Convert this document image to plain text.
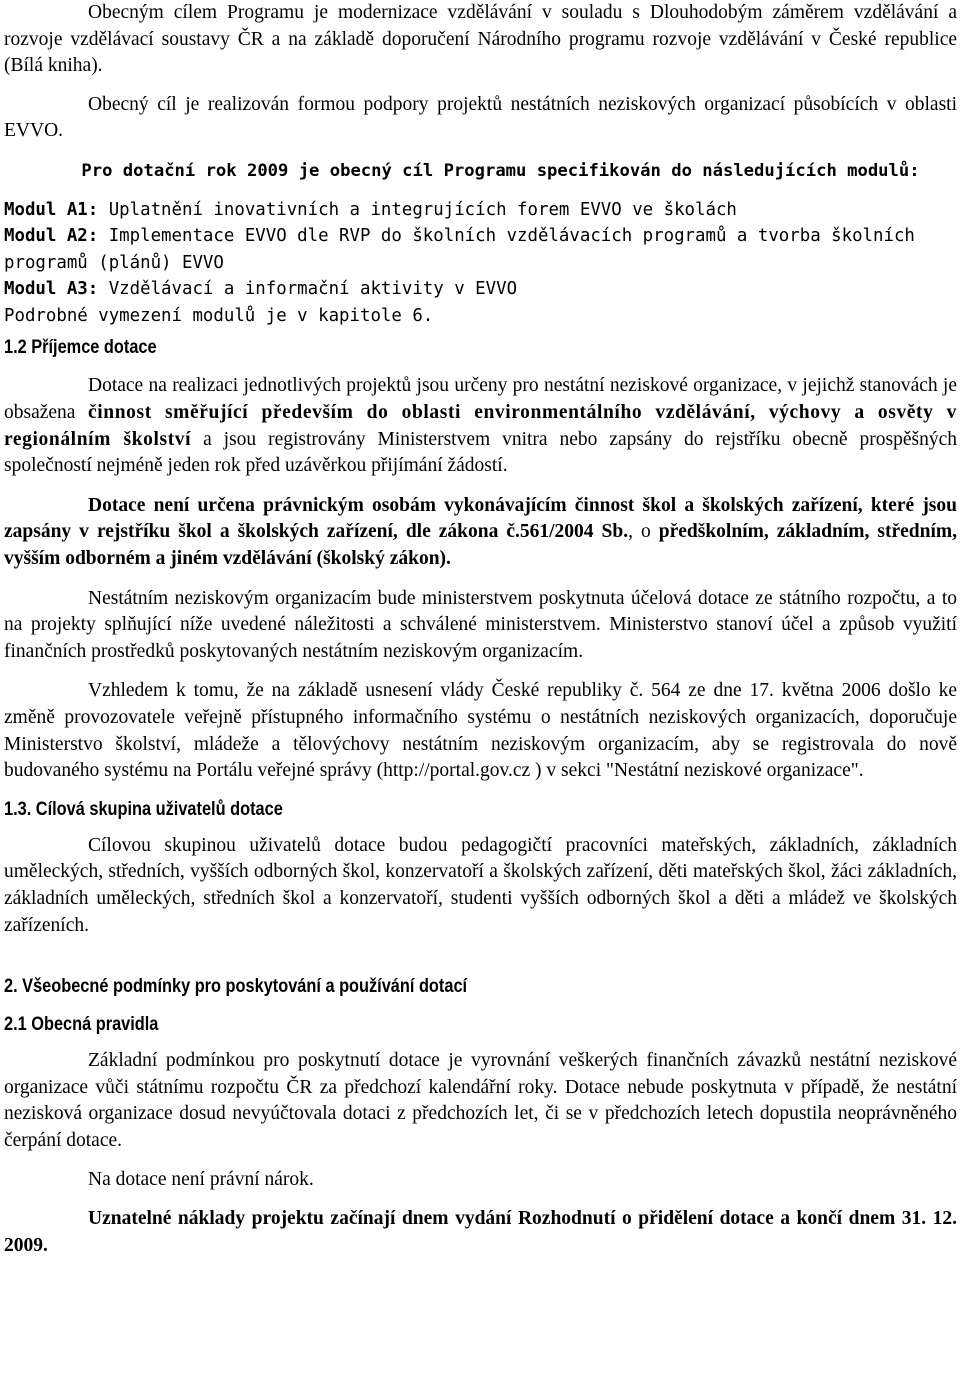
Obecným cílem Programu je modernizace vzdělávání v souladu s Dlouhodobým záměrem vzdělávání a rozvoje vzdělávací soustavy ČR a na základě doporučení Národního programu rozvoje vzdělávání v České republice (Bílá kniha).

Obecný cíl je realizován formou podpory projektů nestátních neziskových organizací působících v oblasti EVVO.

Pro dotační rok 2009 je obecný cíl Programu specifikován do následujících modulů:
Modul A1: Uplatnění inovativních a integrujících forem EVVO ve školách
Modul A2: Implementace EVVO dle RVP do školních vzdělávacích programů a tvorba školních programů (plánů) EVVO
Modul A3: Vzdělávací a informační aktivity v EVVO
Podrobné vymezení modulů je v kapitole 6.
1.2 Příjemce dotace

Dotace na realizaci jednotlivých projektů jsou určeny pro nestátní neziskové organizace, v jejichž stanovách je obsažena činnost směřující především do oblasti environmentálního vzdělávání, výchovy a osvěty v regionálním školství a jsou registrovány Ministerstvem vnitra nebo zapsány do rejstříku obecně prospěšných společností nejméně jeden rok před uzávěrkou přijímání žádostí.

Dotace není určena právnickým osobám vykonávajícím činnost škol a školských zařízení, které jsou zapsány v rejstříku škol a školských zařízení, dle zákona č.561/2004 Sb., o předškolním, základním, středním, vyšším odborném a jiném vzdělávání (školský zákon).

Nestátním neziskovým organizacím bude ministerstvem poskytnuta účelová dotace ze státního rozpočtu, a to na projekty splňující níže uvedené náležitosti a schválené ministerstvem. Ministerstvo stanoví účel a způsob využití finančních prostředků poskytovaných nestátním neziskovým organizacím.

Vzhledem k tomu, že na základě usnesení vlády České republiky č. 564 ze dne 17. května 2006 došlo ke změně provozovatele veřejně přístupného informačního systému o nestátních neziskových organizacích, doporučuje Ministerstvo školství, mládeže a tělovýchovy nestátním neziskovým organizacím, aby se registrovala do nově budovaného systému na Portálu veřejné správy (http://portal.gov.cz ) v sekci "Nestátní neziskové organizace".

1.3. Cílová skupina uživatelů dotace

Cílovou skupinou uživatelů dotace budou pedagogičtí pracovníci mateřských, základních, základních uměleckých, středních, vyšších odborných škol, konzervatoří a školských zařízení, děti mateřských škol, žáci základních, základních uměleckých, středních škol a konzervatoří, studenti vyšších odborných škol a děti a mládež ve školských zařízeních.

2. Všeobecné podmínky pro poskytování a používání dotací
2.1 Obecná pravidla

Základní podmínkou pro poskytnutí dotace je vyrovnání veškerých finančních závazků nestátní neziskové organizace vůči státnímu rozpočtu ČR za předchozí kalendářní roky. Dotace nebude poskytnuta v případě, že nestátní nezisková organizace dosud nevyúčtovala dotaci z předchozích let, či se v předchozích letech dopustila neoprávněného čerpání dotace.

Na dotace není právní nárok.

Uznatelné náklady projektu začínají dnem vydání Rozhodnutí o přidělení dotace a končí dnem 31. 12. 2009.
